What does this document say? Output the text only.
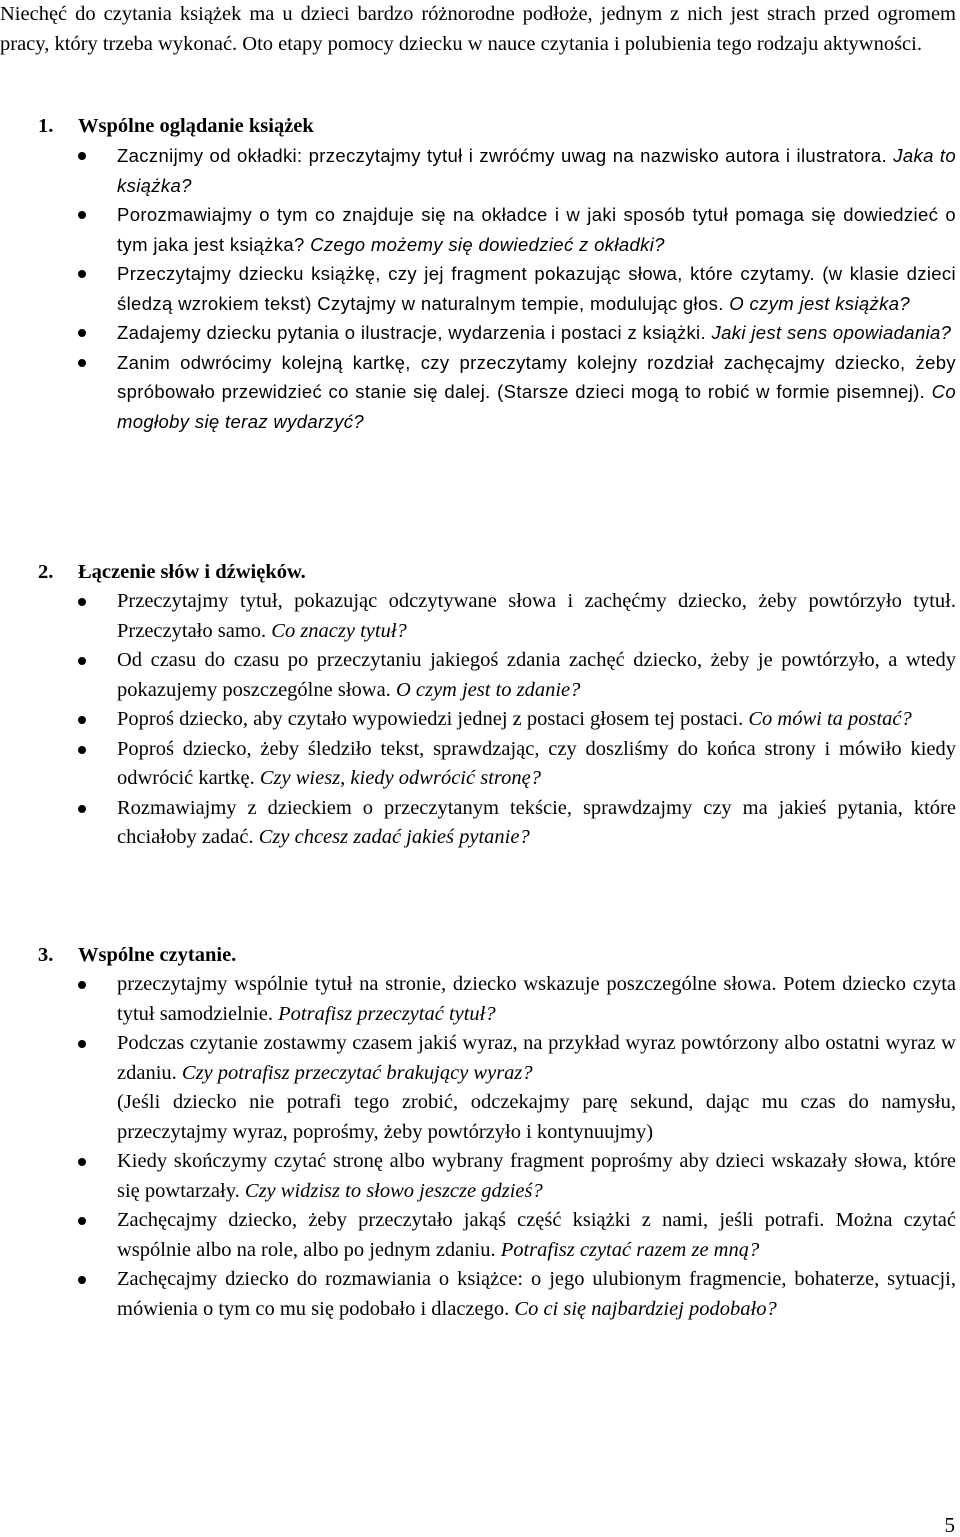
Niechęć do czytania książek ma u dzieci bardzo różnorodne podłoże, jednym z nich jest strach przed ogromem pracy, który trzeba wykonać. Oto etapy pomocy dziecku w nauce czytania i polubienia tego rodzaju aktywności.

1. Wspólne oglądanie książek

Zacznijmy od okładki: przeczytajmy tytuł i zwróćmy uwag na nazwisko autora i ilustratora. Jaka to książka?
Porozmawiajmy o tym co znajduje się na okładce i w jaki sposób tytuł pomaga się dowiedzieć o tym jaka jest książka? Czego możemy się dowiedzieć z okładki?
Przeczytajmy dziecku książkę, czy jej fragment pokazując słowa, które czytamy. (w klasie dzieci śledzą wzrokiem tekst) Czytajmy w naturalnym tempie, modulując głos. O czym jest książka?
Zadajemy dziecku pytania o ilustracje, wydarzenia i postaci z książki. Jaki jest sens opowiadania?
Zanim odwrócimy kolejną kartkę, czy przeczytamy kolejny rozdział zachęcajmy dziecko, żeby spróbowało przewidzieć co stanie się dalej. (Starsze dzieci mogą to robić w formie pisemnej). Co mogłoby się teraz wydarzyć?

2. Łączenie słów i dźwięków.

Przeczytajmy tytuł, pokazując odczytywane słowa i zachęćmy dziecko, żeby powtórzyło tytuł. Przeczytało samo. Co znaczy tytuł?
Od czasu do czasu po przeczytaniu jakiegoś zdania zachęć dziecko, żeby je powtórzyło, a wtedy pokazujemy poszczególne słowa. O czym jest to zdanie?
Poproś dziecko, aby czytało wypowiedzi jednej z postaci głosem tej postaci. Co mówi ta postać?
Poproś dziecko, żeby śledziło tekst, sprawdzając, czy doszliśmy do końca strony i mówiło kiedy odwrócić kartkę. Czy wiesz, kiedy odwrócić stronę?
Rozmawiajmy z dzieckiem o przeczytanym tekście, sprawdzajmy czy ma jakieś pytania, które chciałoby zadać. Czy chcesz zadać jakieś pytanie?

3. Wspólne czytanie.

przeczytajmy wspólnie tytuł na stronie, dziecko wskazuje poszczególne słowa. Potem dziecko czyta tytuł samodzielnie. Potrafisz przeczytać tytuł?
Podczas czytanie zostawmy czasem jakiś wyraz, na przykład wyraz powtórzony albo ostatni wyraz w zdaniu. Czy potrafisz przeczytać brakujący wyraz?
(Jeśli dziecko nie potrafi tego zrobić, odczekajmy parę sekund, dając mu czas do namysłu, przeczytajmy wyraz, poprośmy, żeby powtórzyło i kontynuujmy)
Kiedy skończymy czytać stronę albo wybrany fragment poprośmy aby dzieci wskazały słowa, które się powtarzały. Czy widzisz to słowo jeszcze gdzieś?
Zachęcajmy dziecko, żeby przeczytało jakąś część książki z nami, jeśli potrafi. Można czytać wspólnie albo na role, albo po jednym zdaniu. Potrafisz czytać razem ze mną?
Zachęcajmy dziecko do rozmawiania o książce: o jego ulubionym fragmencie, bohaterze, sytuacji, mówienia o tym co mu się podobało i dlaczego. Co ci się najbardziej podobało?
5
